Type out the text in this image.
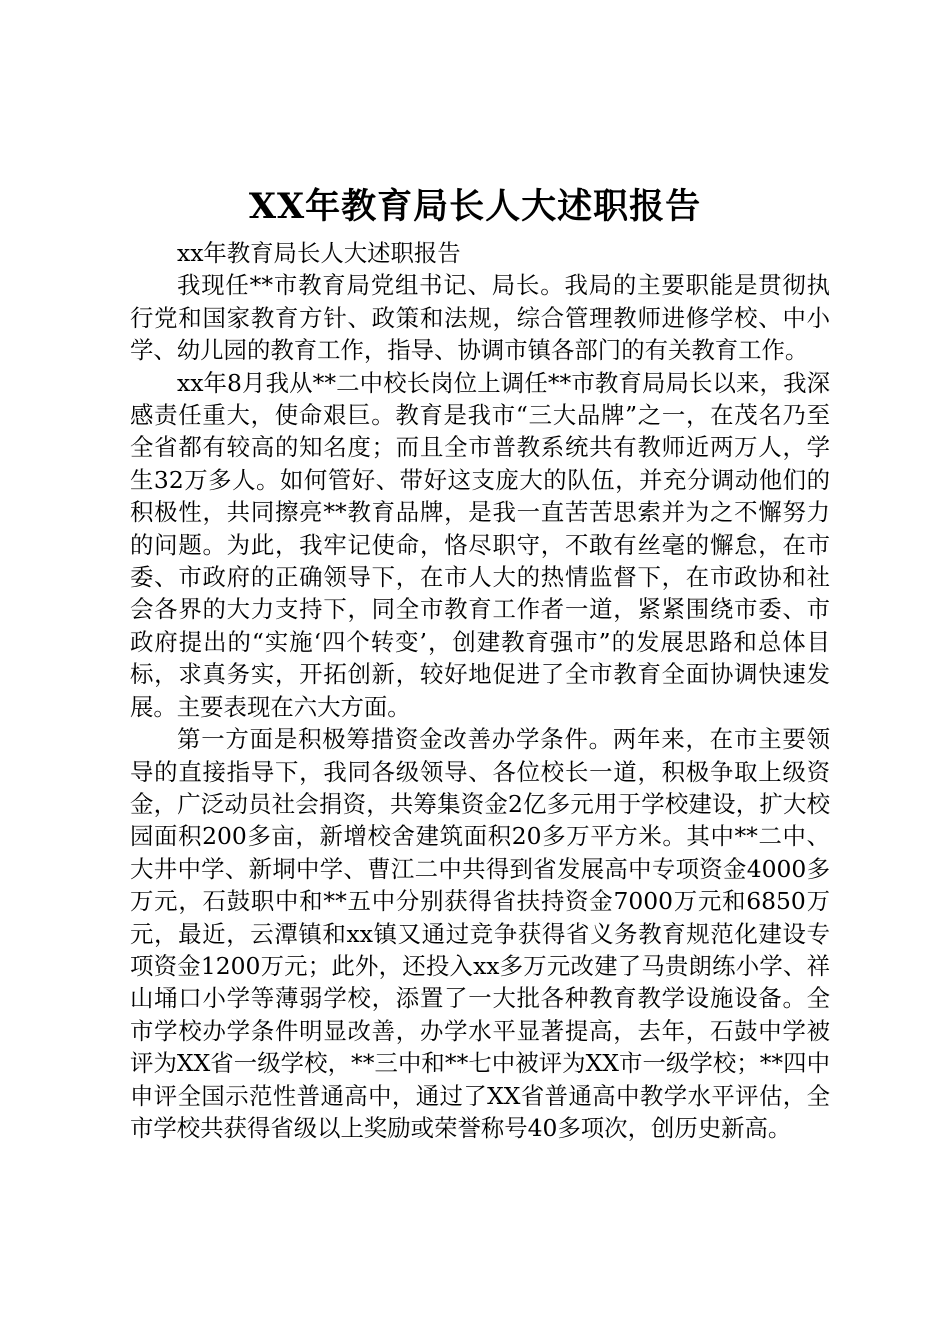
XX年教育局长人大述职报告

xx年教育局长人大述职报告

我现任**市教育局党组书记、局长。我局的主要职能是贯彻执行党和国家教育方针、政策和法规，综合管理教师进修学校、中小学、幼儿园的教育工作，指导、协调市镇各部门的有关教育工作。

xx年8月我从**二中校长岗位上调任**市教育局局长以来，我深感责任重大，使命艰巨。教育是我市“三大品牌”之一，在茂名乃至全省都有较高的知名度；而且全市普教系统共有教师近两万人，学生32万多人。如何管好、带好这支庞大的队伍，并充分调动他们的积极性，共同擦亮**教育品牌，是我一直苦苦思索并为之不懈努力的问题。为此，我牢记使命，恪尽职守，不敢有丝毫的懈怠，在市委、市政府的正确领导下，在市人大的热情监督下，在市政协和社会各界的大力支持下，同全市教育工作者一道，紧紧围绕市委、市政府提出的“实施‘四个转变’，创建教育强市”的发展思路和总体目标，求真务实，开拓创新，较好地促进了全市教育全面协调快速发展。主要表现在六大方面。

第一方面是积极筹措资金改善办学条件。两年来，在市主要领导的直接指导下，我同各级领导、各位校长一道，积极争取上级资金，广泛动员社会捐资，共筹集资金2亿多元用于学校建设，扩大校园面积200多亩，新增校舍建筑面积20多万平方米。其中**二中、大井中学、新垌中学、曹江二中共得到省发展高中专项资金4000多万元，石鼓职中和**五中分别获得省扶持资金7000万元和6850万元，最近，云潭镇和xx镇又通过竞争获得省义务教育规范化建设专项资金1200万元；此外，还投入xx多万元改建了马贵朗练小学、祥山埇口小学等薄弱学校，添置了一大批各种教育教学设施设备。全市学校办学条件明显改善，办学水平显著提高，去年，石鼓中学被评为XX省一级学校，**三中和**七中被评为XX市一级学校；**四中申评全国示范性普通高中，通过了XX省普通高中教学水平评估，全市学校共获得省级以上奖励或荣誉称号40多项次，创历史新高。
